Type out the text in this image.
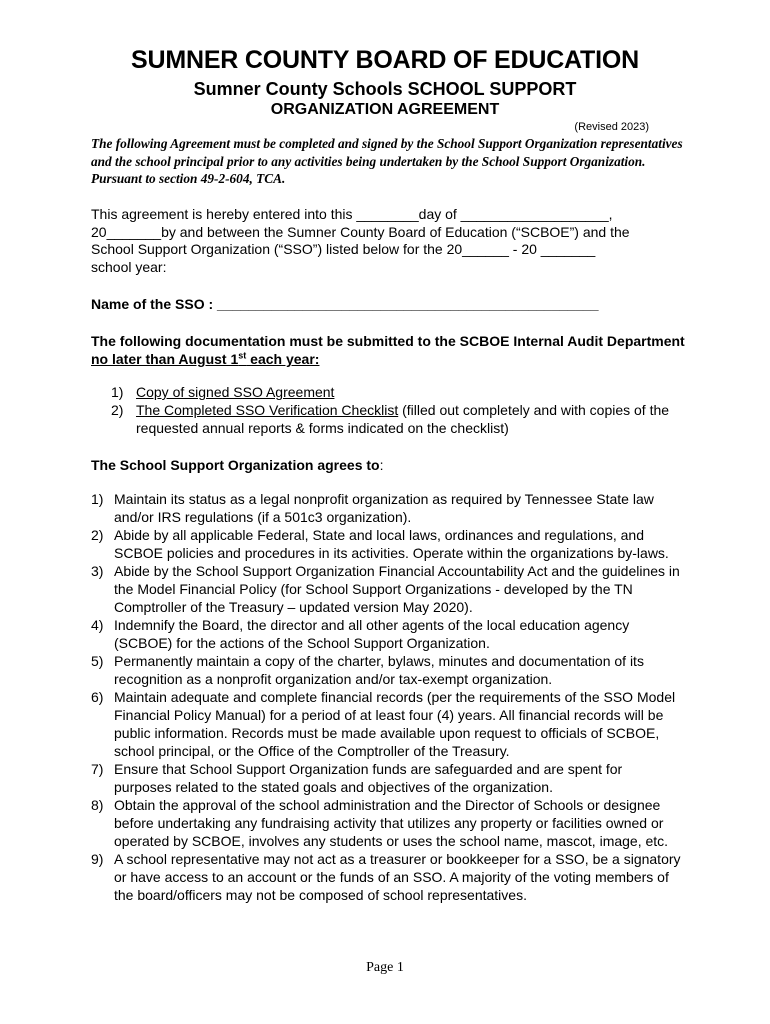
SUMNER COUNTY BOARD OF EDUCATION
Sumner County Schools SCHOOL SUPPORT
ORGANIZATION AGREEMENT
(Revised 2023)

The following Agreement must be completed and signed by the School Support Organization representatives and the school principal prior to any activities being undertaken by the School Support Organization. Pursuant to section 49-2-604, TCA.

This agreement is hereby entered into this ________day of ___________________,
20_______by and between the Sumner County Board of Education (“SCBOE”) and the
School Support Organization (“SSO”) listed below for the 20______ - 20 _______
school year:
Name of the SSO : _________________________________________________
The following documentation must be submitted to the SCBOE Internal Audit Department no later than August 1st each year:
1) Copy of signed SSO Agreement
2) The Completed SSO Verification Checklist (filled out completely and with copies of the requested annual reports & forms indicated on the checklist)
The School Support Organization agrees to:
1) Maintain its status as a legal nonprofit organization as required by Tennessee State law and/or IRS regulations (if a 501c3 organization).
2) Abide by all applicable Federal, State and local laws, ordinances and regulations, and SCBOE policies and procedures in its activities. Operate within the organizations by-laws.
3) Abide by the School Support Organization Financial Accountability Act and the guidelines in the Model Financial Policy (for School Support Organizations - developed by the TN Comptroller of the Treasury – updated version May 2020).
4) Indemnify the Board, the director and all other agents of the local education agency (SCBOE) for the actions of the School Support Organization.
5) Permanently maintain a copy of the charter, bylaws, minutes and documentation of its recognition as a nonprofit organization and/or tax-exempt organization.
6) Maintain adequate and complete financial records (per the requirements of the SSO Model Financial Policy Manual) for a period of at least four (4) years. All financial records will be public information. Records must be made available upon request to officials of SCBOE, school principal, or the Office of the Comptroller of the Treasury.
7) Ensure that School Support Organization funds are safeguarded and are spent for purposes related to the stated goals and objectives of the organization.
8) Obtain the approval of the school administration and the Director of Schools or designee before undertaking any fundraising activity that utilizes any property or facilities owned or operated by SCBOE, involves any students or uses the school name, mascot, image, etc.
9) A school representative may not act as a treasurer or bookkeeper for a SSO, be a signatory or have access to an account or the funds of an SSO. A majority of the voting members of the board/officers may not be composed of school representatives.
Page 1
